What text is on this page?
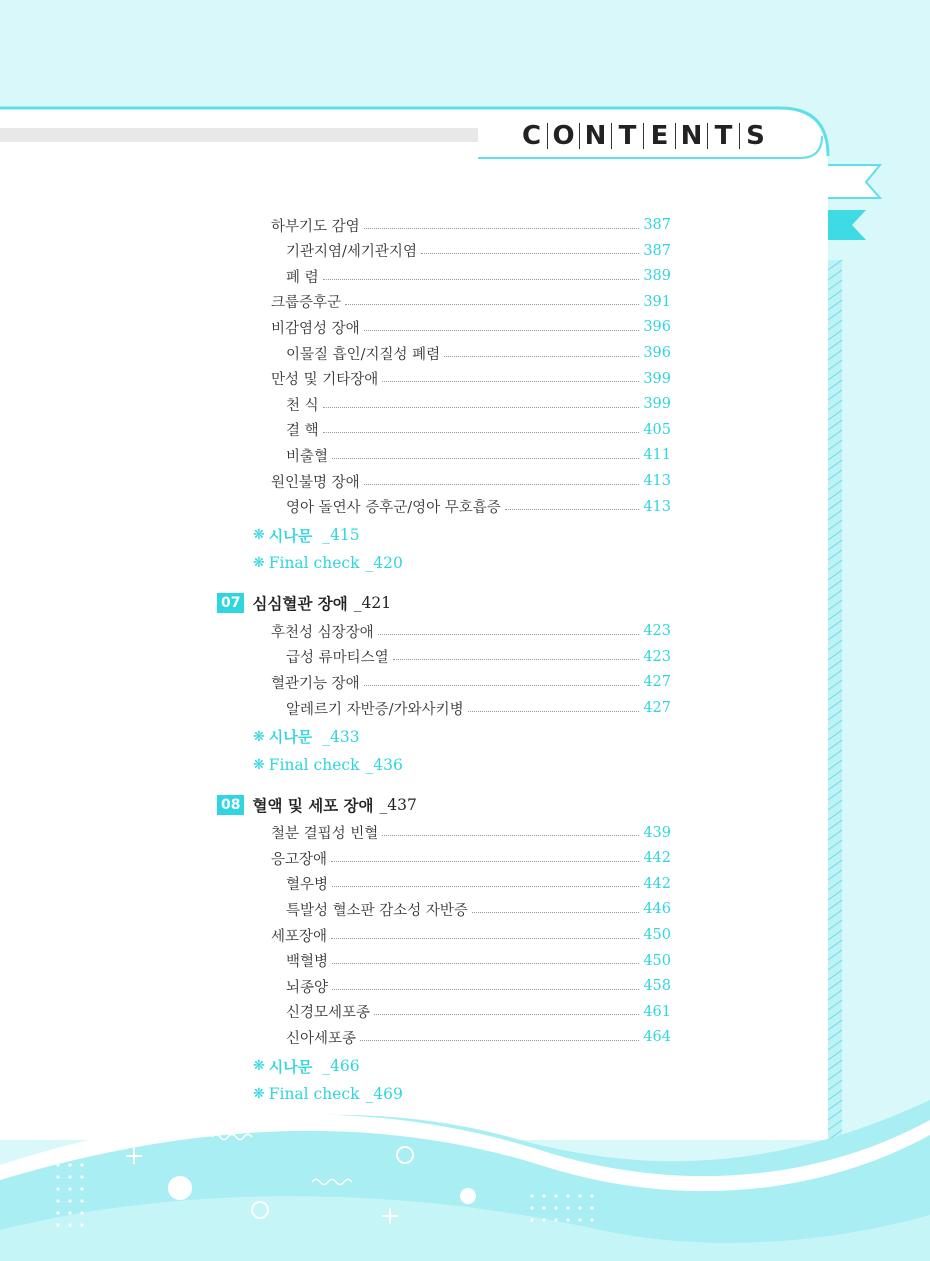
C O N T E N T S
하부기도 감염	387
기관지염/세기관지염	387
폐 렴	389
크룹증후군	391
비감염성 장애	396
이물질 흡인/지질성 폐렴	396
만성 및 기타장애	399
천 식	399
결 핵	405
비출혈	411
원인불명 장애	413
영아 돌연사 증후군/영아 무호흡증	413
❋ 시나문 _415
❋ Final check _420
07 심심혈관 장애 _421
후천성 심장장애	423
급성 류마티스열	423
혈관기능 장애	427
알레르기 자반증/가와사키병	427
❋ 시나문 _433
❋ Final check _436
08 혈액 및 세포 장애 _437
철분 결핍성 빈혈	439
응고장애	442
혈우병	442
특발성 혈소판 감소성 자반증	446
세포장애	450
백혈병	450
뇌종양	458
신경모세포종	461
신아세포종	464
❋ 시나문 _466
❋ Final check _469
